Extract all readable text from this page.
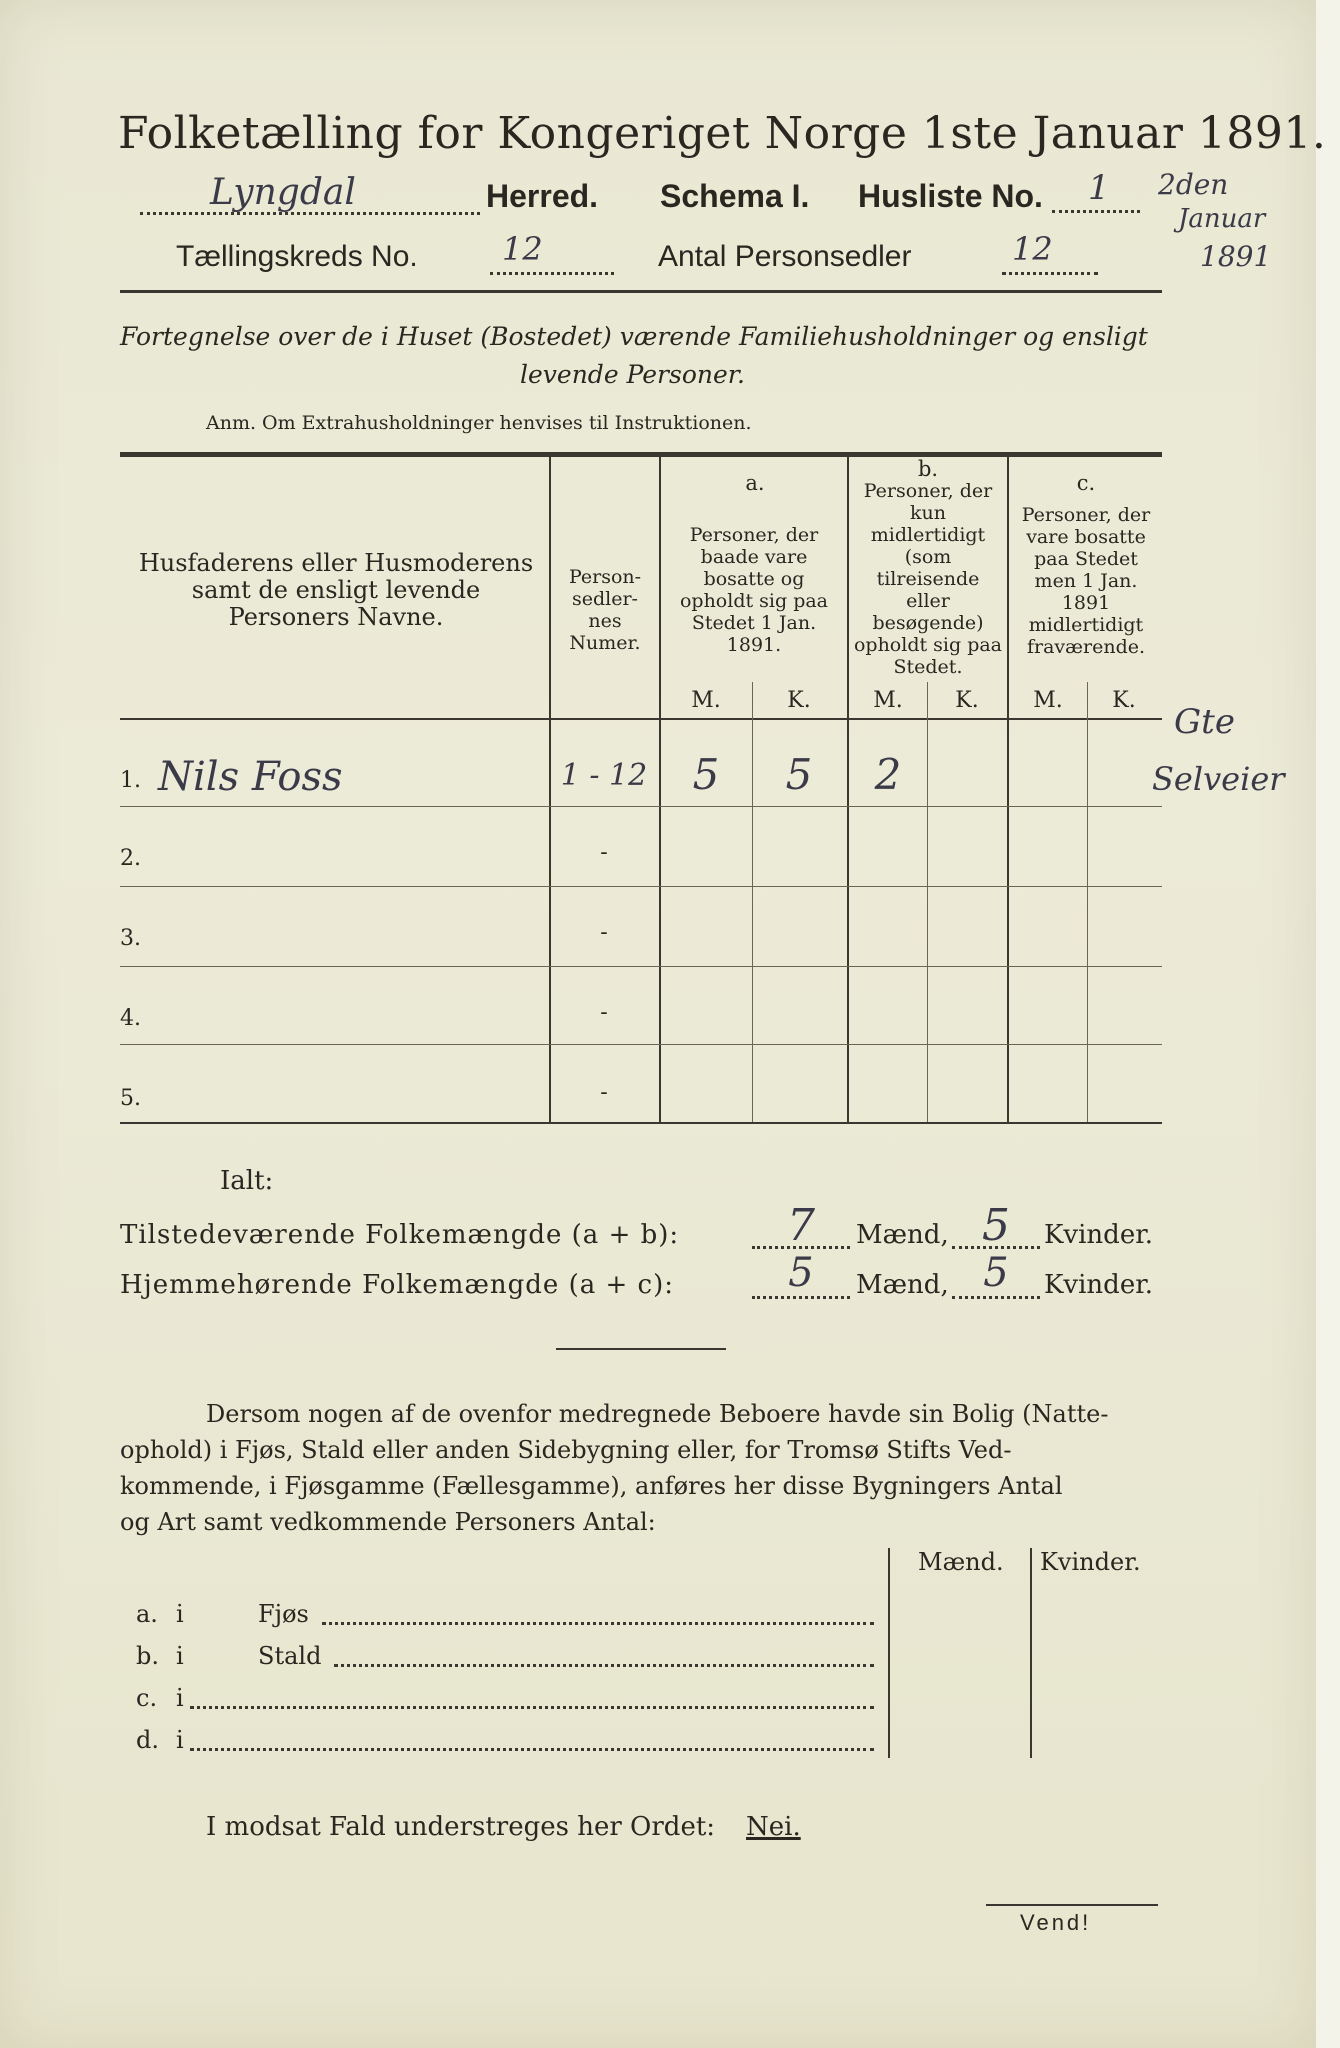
Folketælling for Kongeriget Norge 1ste Januar 1891.
Lyngdal	Herred. Schema I. Husliste No. 1 2den
Januar
1891
Tællingskreds No.	12	Antal Personsedler	12
Fortegnelse over de i Huset (Bostedet) værende Familiehusholdninger og ensligt
levende Personer.
Anm. Om Extrahusholdninger henvises til Instruktionen.
Husfaderens eller Husmoderens samt de ensligt levende Personers Navne.
Person-sedler-nes Numer.
a.
Personer, der baade vare bosatte og opholdt sig paa Stedet 1 Jan. 1891.
b.
Personer, der kun midlertidigt (som tilreisende eller besøgende) opholdt sig paa Stedet.
c.
Personer, der vare bosatte paa Stedet men 1 Jan. 1891 midlertidigt fraværende.
M.	K.	M.	K.	M.	K.
Gte
Selveier
1. Nils Foss	1 - 12	5	5	2
2.	-
3.	-
4.	-
5.	-
Ialt:
Tilstedeværende Folkemængde (a + b):	7	Mænd, 5	Kvinder.
Hjemmehørende Folkemængde (a + c):	5	Mænd, 5	Kvinder.
Dersom nogen af de ovenfor medregnede Beboere havde sin Bolig (Natte-
ophold) i Fjøs, Stald eller anden Sidebygning eller, for Tromsø Stifts Ved-
kommende, i Fjøsgamme (Fællesgamme), anføres her disse Bygningers Antal
og Art samt vedkommende Personers Antal:
Mænd. Kvinder.
a. i	Fjøs
b. i	Stald
c. i
d. i
I modsat Fald understreges her Ordet: Nei.
Vend!
